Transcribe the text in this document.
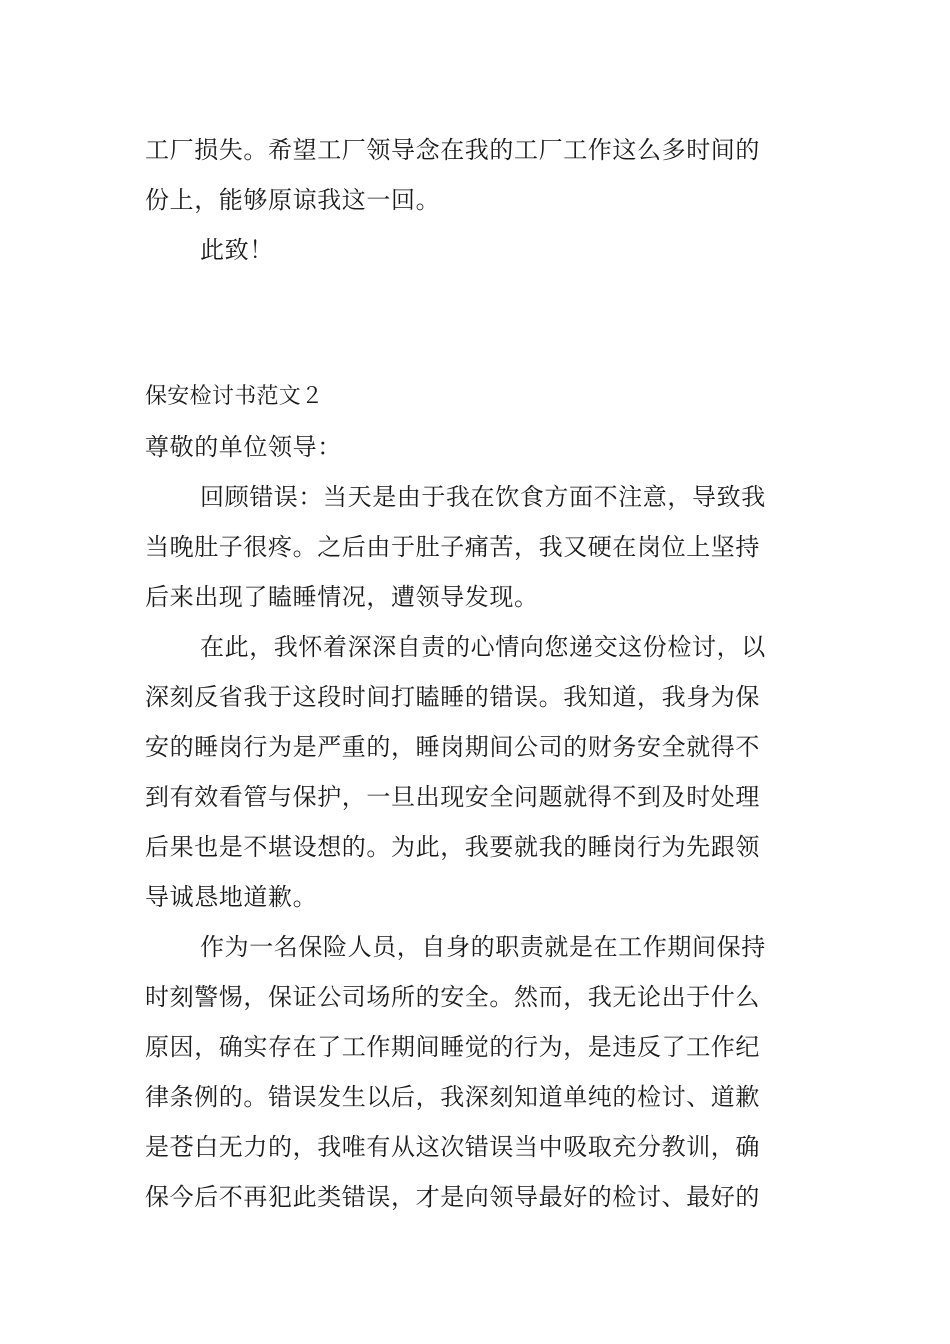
工厂损失。希望工厂领导念在我的工厂工作这么多时间的
份上，能够原谅我这一回。
此致！
保安检讨书范文２
尊敬的单位领导：
回顾错误：当天是由于我在饮食方面不注意，导致我
当晚肚子很疼。之后由于肚子痛苦，我又硬在岗位上坚持
后来出现了瞌睡情况，遭领导发现。
在此，我怀着深深自责的心情向您递交这份检讨，以
深刻反省我于这段时间打瞌睡的错误。我知道，我身为保
安的睡岗行为是严重的，睡岗期间公司的财务安全就得不
到有效看管与保护，一旦出现安全问题就得不到及时处理
后果也是不堪设想的。为此，我要就我的睡岗行为先跟领
导诚恳地道歉。
作为一名保险人员，自身的职责就是在工作期间保持
时刻警惕，保证公司场所的安全。然而，我无论出于什么
原因，确实存在了工作期间睡觉的行为，是违反了工作纪
律条例的。错误发生以后，我深刻知道单纯的检讨、道歉
是苍白无力的，我唯有从这次错误当中吸取充分教训，确
保今后不再犯此类错误，才是向领导最好的检讨、最好的
